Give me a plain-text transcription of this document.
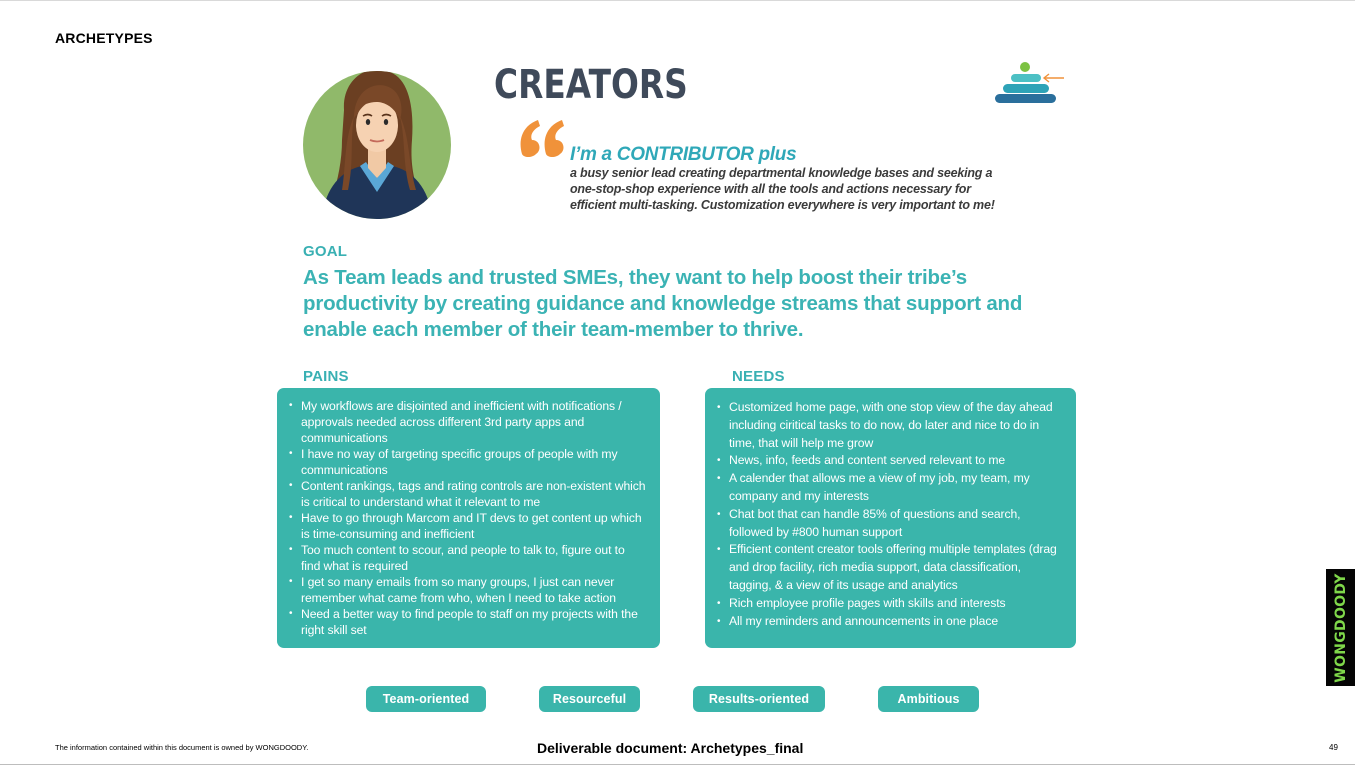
ARCHETYPES
CREATORS
I’m a CONTRIBUTOR plus
a busy senior lead creating departmental knowledge bases and seeking a one-stop-shop experience with all the tools and actions necessary for efficient multi-tasking. Customization everywhere is very important to me!
GOAL
As Team leads and trusted SMEs, they want to help boost their tribe’s productivity by creating guidance and knowledge streams that support and enable each member of their team-member to thrive.
PAINS	NEEDS
• My workflows are disjointed and inefficient with notifications / approvals needed across different 3rd party apps and communications
• I have no way of targeting specific groups of people with my communications
• Content rankings, tags and rating controls are non-existent which is critical to understand what it relevant to me
• Have to go through Marcom and IT devs to get content up which is time-consuming and inefficient
• Too much content to scour, and people to talk to, figure out to find what is required
• I get so many emails from so many groups, I just can never remember what came from who, when I need to take action
• Need a better way to find people to staff on my projects with the right skill set
• Customized home page, with one stop view of the day ahead including ciritical tasks to do now, do later and nice to do in time, that will help me grow
• News, info, feeds and content served relevant to me
• A calender that allows me a view of my job, my team, my company and my interests
• Chat bot that can handle 85% of questions and search, followed by #800 human support
• Efficient content creator tools offering multiple templates (drag and drop facility, rich media support, data classification, tagging, & a view of its usage and analytics
• Rich employee profile pages with skills and interests
• All my reminders and announcements in one place
Team-oriented	Resourceful	Results-oriented	Ambitious
WONGDOODY
The information contained within this document is owned by WONGDOODY.	Deliverable document: Archetypes_final	49
